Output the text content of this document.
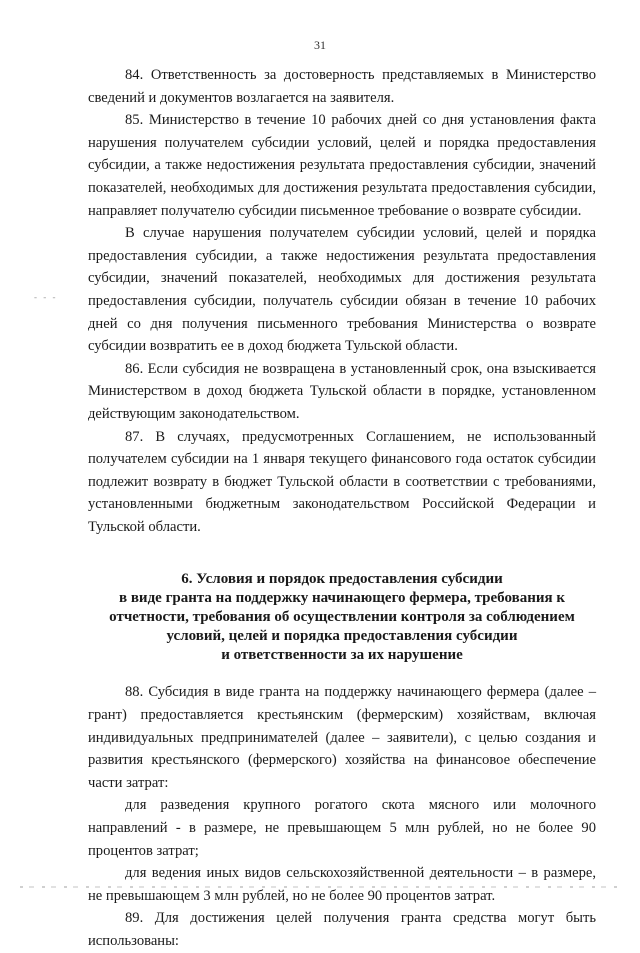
31
- - -

84. Ответственность за достоверность представляемых в Министерство сведений и документов возлагается на заявителя.

85. Министерство в течение 10 рабочих дней со дня установления факта нарушения получателем субсидии условий, целей и порядка предоставления субсидии, а также недостижения результата предоставления субсидии, значений показателей, необходимых для достижения результата предоставления субсидии, направляет получателю субсидии письменное требование о возврате субсидии.

В случае нарушения получателем субсидии условий, целей и порядка предоставления субсидии, а также недостижения результата предоставления субсидии, значений показателей, необходимых для достижения результата предоставления субсидии, получатель субсидии обязан в течение 10 рабочих дней со дня получения письменного требования Министерства о возврате субсидии возвратить ее в доход бюджета Тульской области.

86. Если субсидия не возвращена в установленный срок, она взыскивается Министерством в доход бюджета Тульской области в порядке, установленном действующим законодательством.

87. В случаях, предусмотренных Соглашением, не использованный получателем субсидии на 1 января текущего финансового года остаток субсидии подлежит возврату в бюджет Тульской области в соответствии с требованиями, установленными бюджетным законодательством Российской Федерации и Тульской области.

6. Условия и порядок предоставления субсидии
в виде гранта на поддержку начинающего фермера, требования к
отчетности, требования об осуществлении контроля за соблюдением
условий, целей и порядка предоставления субсидии
и ответственности за их нарушение

88. Субсидия в виде гранта на поддержку начинающего фермера (далее – грант) предоставляется крестьянским (фермерским) хозяйствам, включая индивидуальных предпринимателей (далее – заявители), с целью создания и развития крестьянского (фермерского) хозяйства на финансовое обеспечение части затрат:

для разведения крупного рогатого скота мясного или молочного направлений - в размере, не превышающем 5 млн рублей, но не более 90 процентов затрат;

для ведения иных видов сельскохозяйственной деятельности – в размере, не превышающем 3 млн рублей, но не более 90 процентов затрат.

89. Для достижения целей получения гранта средства могут быть использованы:
